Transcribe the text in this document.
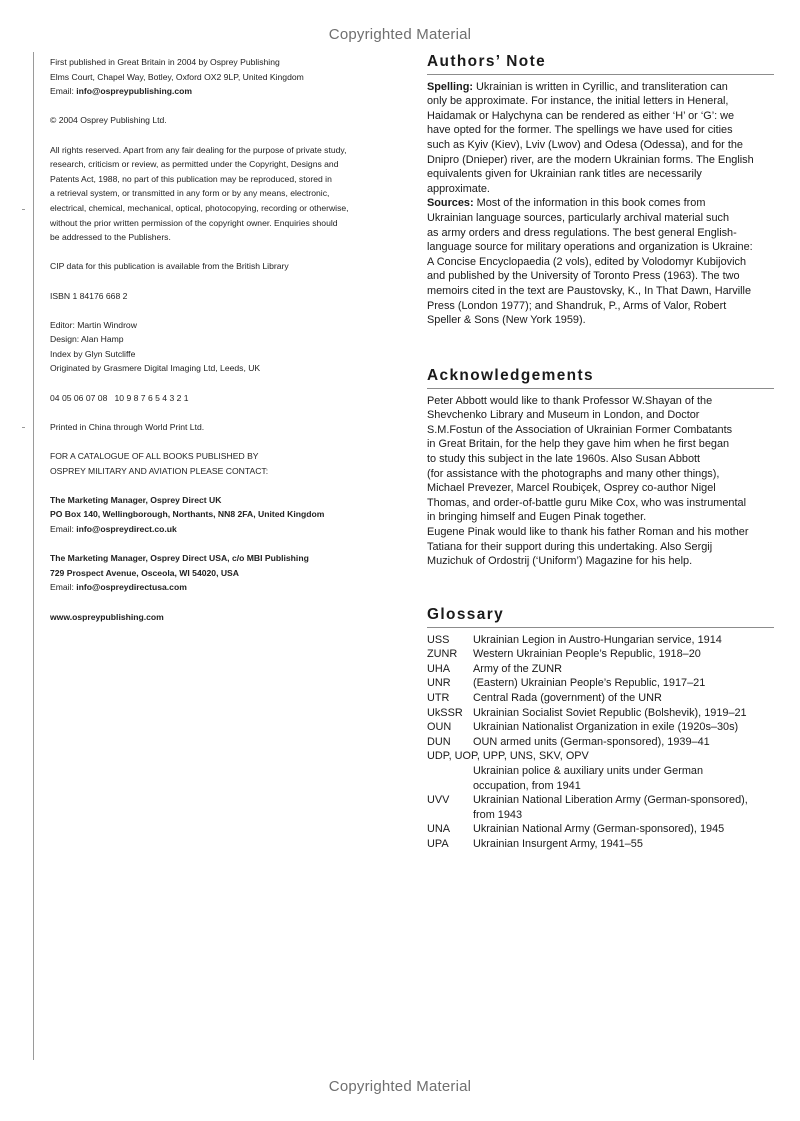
Copyrighted Material

First published in Great Britain in 2004 by Osprey Publishing

Elms Court, Chapel Way, Botley, Oxford OX2 9LP, United Kingdom

Email: info@ospreypublishing.com

© 2004 Osprey Publishing Ltd.

All rights reserved. Apart from any fair dealing for the purpose of private study,

research, criticism or review, as permitted under the Copyright, Designs and

Patents Act, 1988, no part of this publication may be reproduced, stored in

a retrieval system, or transmitted in any form or by any means, electronic,

electrical, chemical, mechanical, optical, photocopying, recording or otherwise,

without the prior written permission of the copyright owner. Enquiries should

be addressed to the Publishers.

CIP data for this publication is available from the British Library

ISBN 1 84176 668 2

Editor: Martin Windrow

Design: Alan Hamp

Index by Glyn Sutcliffe

Originated by Grasmere Digital Imaging Ltd, Leeds, UK

04 05 06 07 08   10 9 8 7 6 5 4 3 2 1

Printed in China through World Print Ltd.

FOR A CATALOGUE OF ALL BOOKS PUBLISHED BY

OSPREY MILITARY AND AVIATION PLEASE CONTACT:

The Marketing Manager, Osprey Direct UK

PO Box 140, Wellingborough, Northants, NN8 2FA, United Kingdom

Email: info@ospreydirect.co.uk

The Marketing Manager, Osprey Direct USA, c/o MBI Publishing

729 Prospect Avenue, Osceola, WI 54020, USA

Email: info@ospreydirectusa.com

www.ospreypublishing.com

Authors’ Note

Spelling: Ukrainian is written in Cyrillic, and transliteration can

only be approximate. For instance, the initial letters in Heneral,

Haidamak or Halychyna can be rendered as either ‘H’ or ‘G’: we

have opted for the former. The spellings we have used for cities

such as Kyiv (Kiev), Lviv (Lwov) and Odesa (Odessa), and for the

Dnipro (Dnieper) river, are the modern Ukrainian forms. The English

equivalents given for Ukrainian rank titles are necessarily

approximate.

Sources: Most of the information in this book comes from

Ukrainian language sources, particularly archival material such

as army orders and dress regulations. The best general English-

language source for military operations and organization is Ukraine:

A Concise Encyclopaedia (2 vols), edited by Volodomyr Kubijovich

and published by the University of Toronto Press (1963). The two

memoirs cited in the text are Paustovsky, K., In That Dawn, Harville

Press (London 1977); and Shandruk, P., Arms of Valor, Robert

Speller & Sons (New York 1959).

Acknowledgements

Peter Abbott would like to thank Professor W.Shayan of the

Shevchenko Library and Museum in London, and Doctor

S.M.Fostun of the Association of Ukrainian Former Combatants

in Great Britain, for the help they gave him when he first began

to study this subject in the late 1960s. Also Susan Abbott

(for assistance with the photographs and many other things),

Michael Prevezer, Marcel Roubiçek, Osprey co-author Nigel

Thomas, and order-of-battle guru Mike Cox, who was instrumental

in bringing himself and Eugen Pinak together.

Eugene Pinak would like to thank his father Roman and his mother

Tatiana for their support during this undertaking. Also Sergij

Muzichuk of Ordostrij (‘Uniform’) Magazine for his help.

Glossary
USS	Ukrainian Legion in Austro-Hungarian service, 1914
ZUNR	Western Ukrainian People’s Republic, 1918–20
UHA	Army of the ZUNR
UNR	(Eastern) Ukrainian People’s Republic, 1917–21
UTR	Central Rada (government) of the UNR
UkSSR Ukrainian Socialist Soviet Republic (Bolshevik), 1919–21
OUN	Ukrainian Nationalist Organization in exile (1920s–30s)
DUN	OUN armed units (German-sponsored), 1939–41

UDP, UOP, UPP, UNS, SKV, OPV

Ukrainian police & auxiliary units under German

occupation, from 1941

UVV	Ukrainian National Liberation Army (German-sponsored),

from 1943

UNA	Ukrainian National Army (German-sponsored), 1945
UPA	Ukrainian Insurgent Army, 1941–55
Copyrighted Material
